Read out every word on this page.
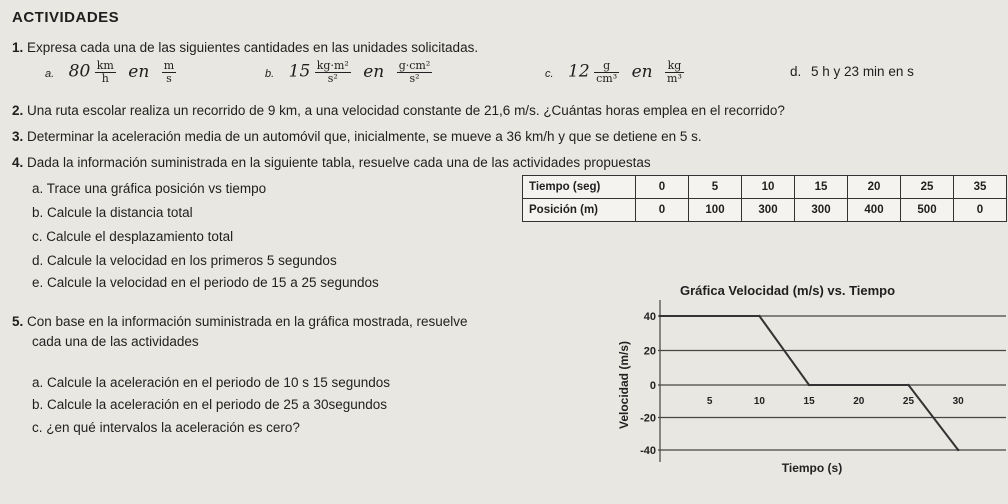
ACTIVIDADES
1. Expresa cada una de las siguientes cantidades en las unidades solicitadas.
a. $80 \frac{km}{h}$ en $\frac{m}{s}$	b. $15 \frac{\text{kg·m²}}{\text{s²}}$ en $\frac{\text{g·cm²}}{\text{s²}}$	c. $12 \frac{g}{\text{cm³}}$ en $\frac{kg}{\text{m³}}$	d. 5 h y 23 min en s
2. Una ruta escolar realiza un recorrido de 9 km, a una velocidad constante de 21,6 m/s. ¿Cuántas horas emplea en el recorrido?
3. Determinar la aceleración media de un automóvil que, inicialmente, se mueve a 36 km/h y que se detiene en 5 s.
4. Dada la información suministrada en la siguiente tabla, resuelve cada una de las actividades propuestas
a. Trace una gráfica posición vs tiempo
b. Calcule la distancia total
c. Calcule el desplazamiento total
d. Calcule la velocidad en los primeros 5 segundos
e. Calcule la velocidad en el periodo de 15 a 25 segundos
Tiempo (seg)	0	5	10	15	20	25	35
Posición (m)	0	100	300	300	400	500	0
5. Con base en la información suministrada en la gráfica mostrada, resuelve
cada una de las actividades
a. Calcule la aceleración en el periodo de 10 s 15 segundos
b. Calcule la aceleración en el periodo de 25 a 30segundos
c. ¿en qué intervalos la aceleración es cero?
Gráfica Velocidad (m/s) vs. Tiempo
40
20
0
-20
-40
5	10	15	20	25	30
Velocidad (m/s)
Tiempo (s)
